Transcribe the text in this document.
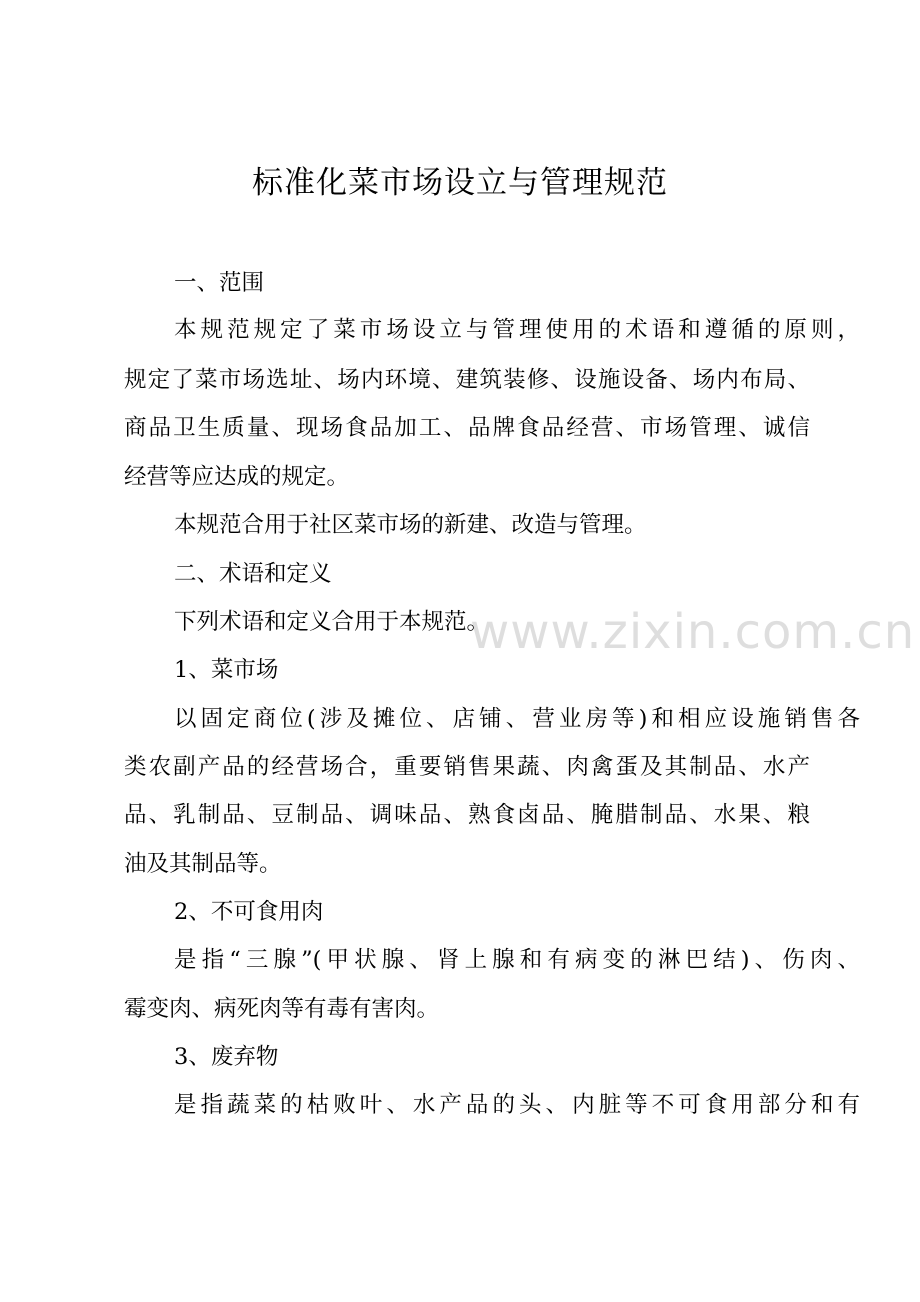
www.zixin.com.cn
标准化菜市场设立与管理规范
一、范围
本规范规定了菜市场设立与管理使用的术语和遵循的原则，
规定了菜市场选址、场内环境、建筑装修、设施设备、场内布局、
商品卫生质量、现场食品加工、品牌食品经营、市场管理、诚信
经营等应达成的规定。
本规范合用于社区菜市场的新建、改造与管理。
二、术语和定义
下列术语和定义合用于本规范。
1、菜市场
以固定商位(涉及摊位、店铺、营业房等)和相应设施销售各
类农副产品的经营场合，重要销售果蔬、肉禽蛋及其制品、水产
品、乳制品、豆制品、调味品、熟食卤品、腌腊制品、水果、粮
油及其制品等。
2、不可食用肉
是指“三腺”(甲状腺、肾上腺和有病变的淋巴结)、伤肉、
霉变肉、病死肉等有毒有害肉。
3、废弃物
是指蔬菜的枯败叶、水产品的头、内脏等不可食用部分和有
